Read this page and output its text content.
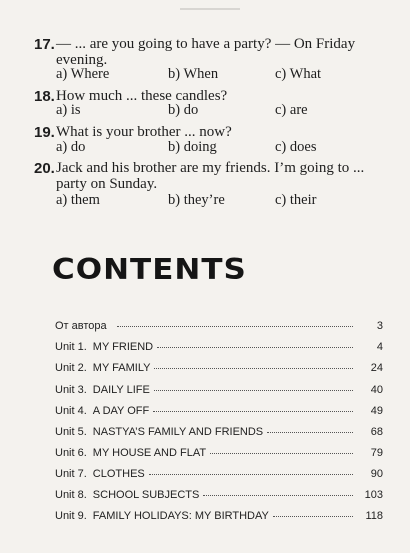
17. — ... are you going to have a party? — On Friday
evening.
a) Where	b) When	c) What
18. How much ... these candles?
a) is	b) do	c) are
19. What is your brother ... now?
a) do	b) doing	c) does
20. Jack and his brother are my friends. I’m going to ...
party on Sunday.
a) them	b) they’re	c) their
CONTENTS
От автора	3
Unit 1. MY FRIEND	4
Unit 2. MY FAMILY	24
Unit 3. DAILY LIFE	40
Unit 4. A DAY OFF	49
Unit 5. NASTYA’S FAMILY AND FRIENDS	68
Unit 6. MY HOUSE AND FLAT	79
Unit 7. CLOTHES	90
Unit 8. SCHOOL SUBJECTS	103
Unit 9. FAMILY HOLIDAYS: MY BIRTHDAY	118
